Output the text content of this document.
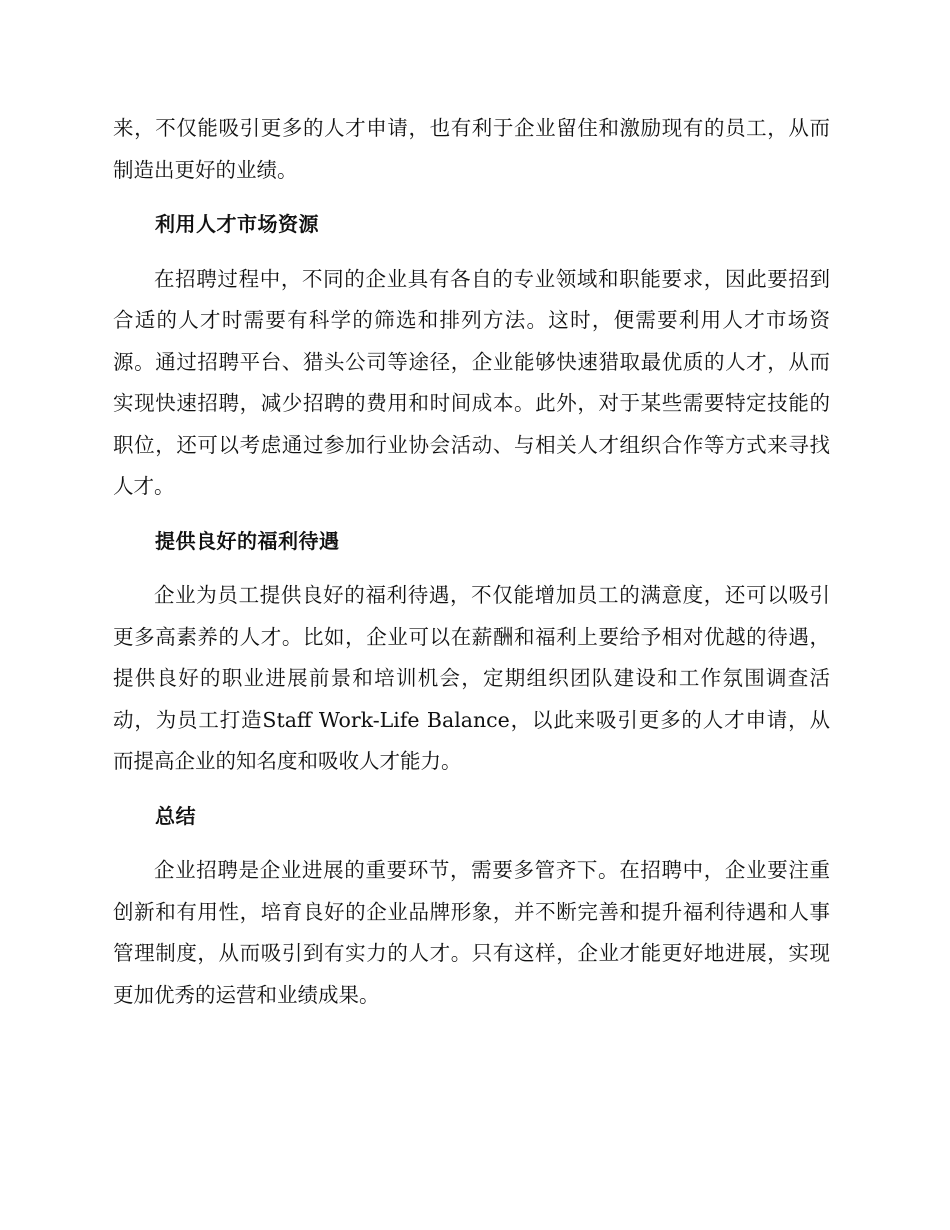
来，不仅能吸引更多的人才申请，也有利于企业留住和激励现有的员工，从而制造出更好的业绩。

利用人才市场资源

在招聘过程中，不同的企业具有各自的专业领域和职能要求，因此要招到合适的人才时需要有科学的筛选和排列方法。这时，便需要利用人才市场资源。通过招聘平台、猎头公司等途径，企业能够快速猎取最优质的人才，从而实现快速招聘，减少招聘的费用和时间成本。此外，对于某些需要特定技能的职位，还可以考虑通过参加行业协会活动、与相关人才组织合作等方式来寻找人才。

提供良好的福利待遇

企业为员工提供良好的福利待遇，不仅能增加员工的满意度，还可以吸引更多高素养的人才。比如，企业可以在薪酬和福利上要给予相对优越的待遇，提供良好的职业进展前景和培训机会，定期组织团队建设和工作氛围调查活动，为员工打造Staff Work-Life Balance，以此来吸引更多的人才申请，从而提高企业的知名度和吸收人才能力。

总结

企业招聘是企业进展的重要环节，需要多管齐下。在招聘中，企业要注重创新和有用性，培育良好的企业品牌形象，并不断完善和提升福利待遇和人事管理制度，从而吸引到有实力的人才。只有这样，企业才能更好地进展，实现更加优秀的运营和业绩成果。
